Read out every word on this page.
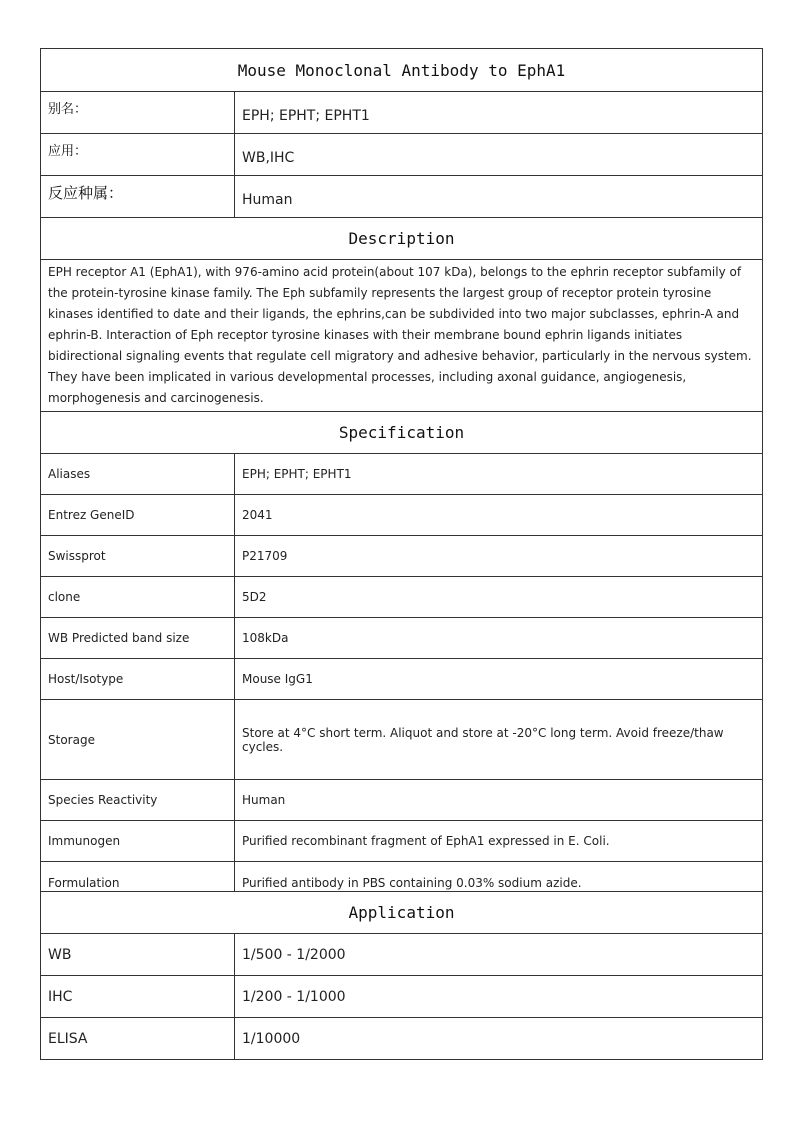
Mouse Monoclonal Antibody to EphA1	
别名：	EPH; EPHT; EPHT1
应用：	WB,IHC
反应种属：	Human
Description	
EPH receptor A1 (EphA1), with 976-amino acid protein(about 107 kDa), belongs to the ephrin receptor subfamily of the protein-tyrosine kinase family. The Eph subfamily represents the largest group of receptor protein tyrosine kinases identified to date and their ligands, the ephrins,can be subdivided into two major subclasses, ephrin-A and ephrin-B. Interaction of Eph receptor tyrosine kinases with their membrane bound ephrin ligands initiates bidirectional signaling events that regulate cell migratory and adhesive behavior, particularly in the nervous system. They have been implicated in various developmental processes, including axonal guidance, angiogenesis, morphogenesis and carcinogenesis.	
Specification	
Aliases	EPH; EPHT; EPHT1
Entrez GeneID	2041
Swissprot	P21709
clone	5D2
WB Predicted band size	108kDa
Host/Isotype	Mouse IgG1
Storage	Store at 4°C short term. Aliquot and store at -20°C long term. Avoid freeze/thaw cycles.
Species Reactivity	Human
Immunogen	Purified recombinant fragment of EphA1 expressed in E. Coli.
Formulation	Purified antibody in PBS containing 0.03% sodium azide.
Application	
WB	1/500 - 1/2000
IHC	1/200 - 1/1000
ELISA	1/10000
